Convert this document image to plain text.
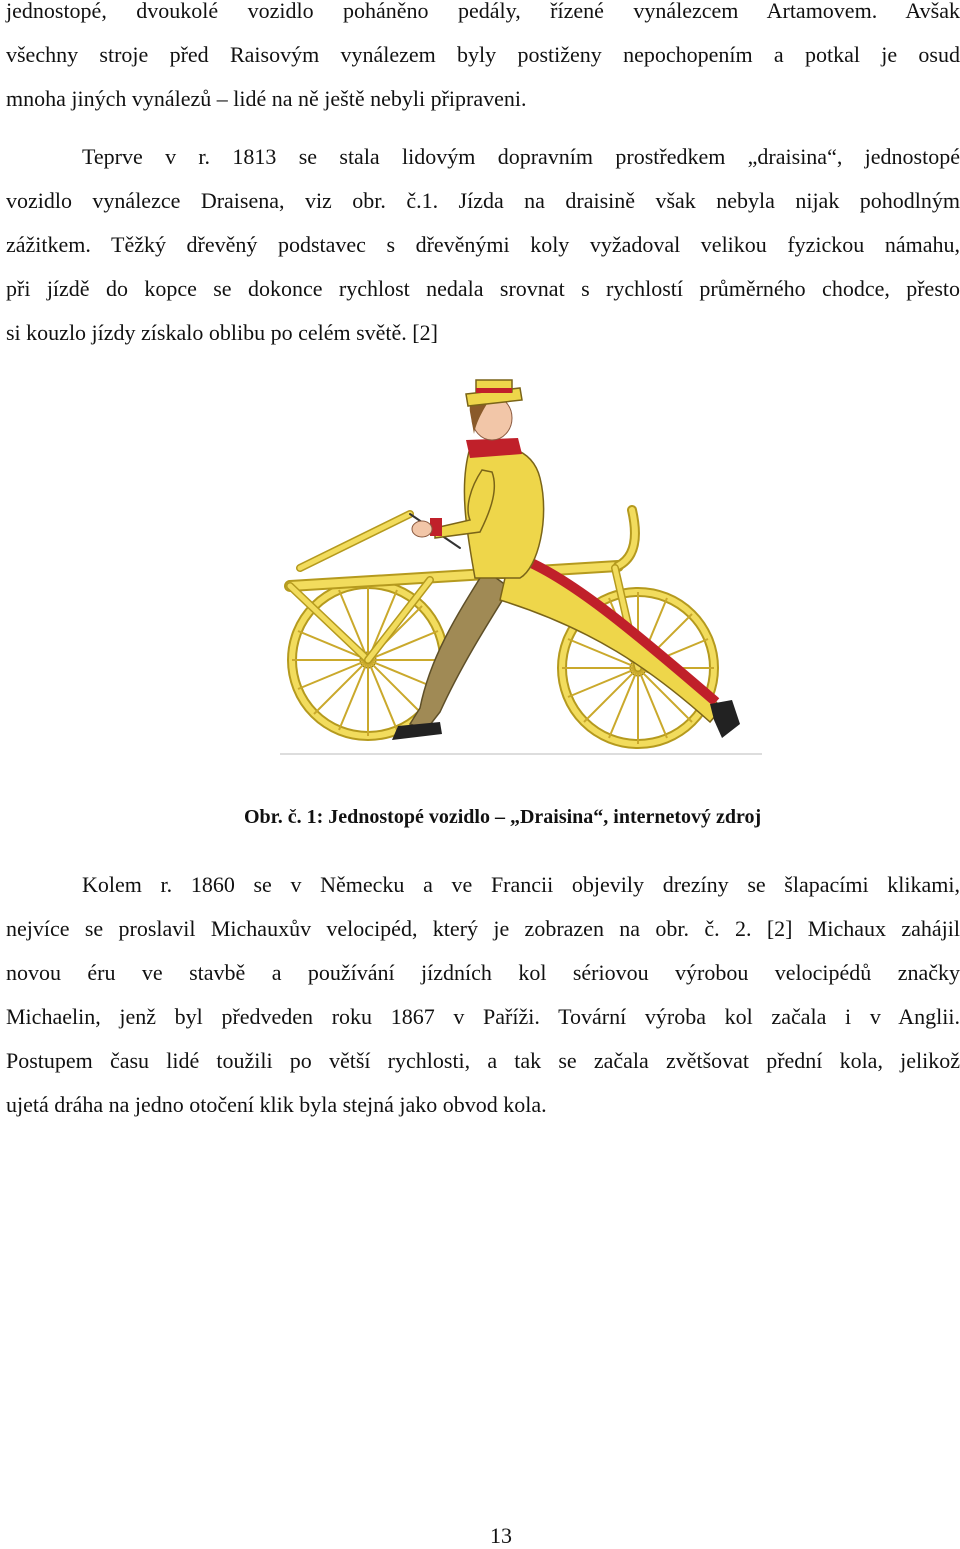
jednostopé, dvoukolé vozidlo poháněno pedály, řízené vynálezcem Artamovem. Avšak
všechny stroje před Raisovým vynálezem byly postiženy nepochopením a potkal je osud
mnoha jiných vynálezů – lidé na ně ještě nebyli připraveni.
Teprve v r. 1813 se stala lidovým dopravním prostředkem „draisina“, jednostopé
vozidlo vynálezce Draisena, viz obr. č.1. Jízda na draisině však nebyla nijak pohodlným
zážitkem. Těžký dřevěný podstavec s dřevěnými koly vyžadoval velikou fyzickou námahu,
při jízdě do kopce se dokonce rychlost nedala srovnat s rychlostí průměrného chodce, přesto
si kouzlo jízdy získalo oblibu po celém světě. [2]
Obr. č. 1: Jednostopé vozidlo – „Draisina“, internetový zdroj
Kolem r. 1860 se v Německu a ve Francii objevily drezíny se šlapacími klikami,
nejvíce se proslavil Michauxův velocipéd, který je zobrazen na obr. č. 2. [2] Michaux zahájil
novou éru ve stavbě a používání jízdních kol sériovou výrobou velocipédů značky
Michaelin, jenž byl předveden roku 1867 v Paříži. Tovární výroba kol začala i v Anglii.
Postupem času lidé toužili po větší rychlosti, a tak se začala zvětšovat přední kola, jelikož
ujetá dráha na jedno otočení klik byla stejná jako obvod kola.
13
